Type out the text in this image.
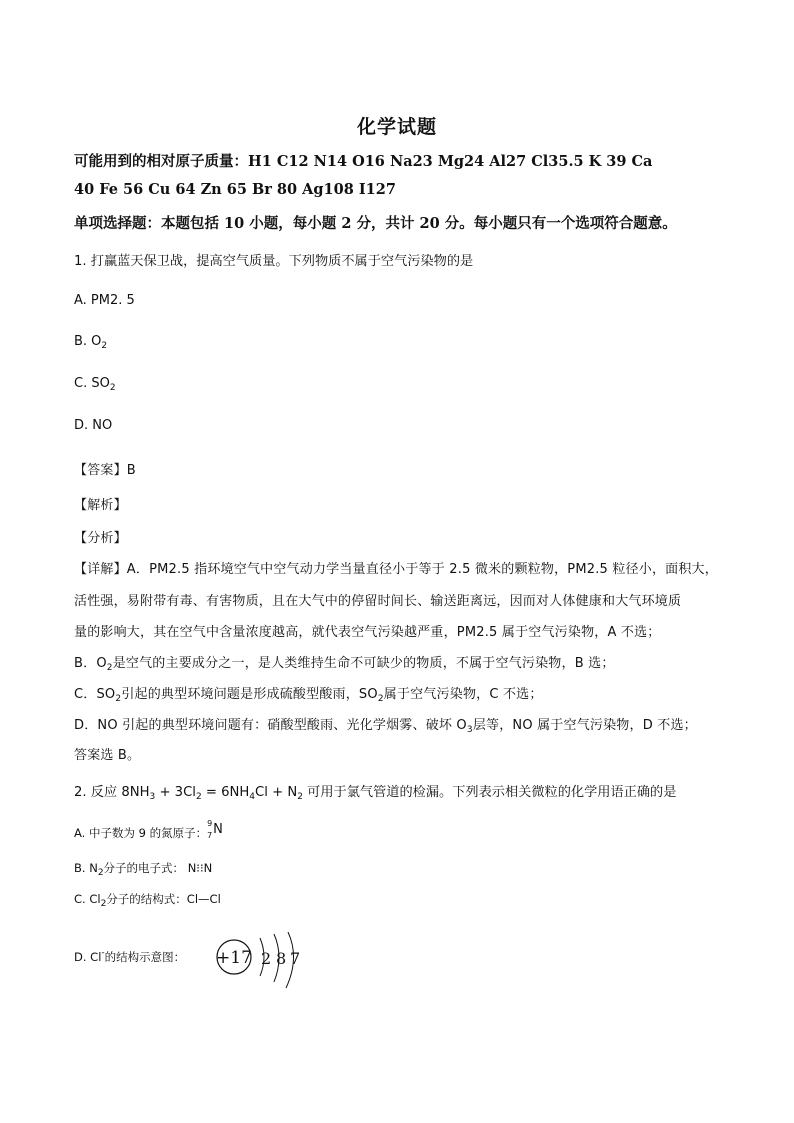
化学试题
可能用到的相对原子质量：H1 C12 N14 O16 Na23 Mg24 Al27 Cl35.5 K 39 Ca
40 Fe 56 Cu 64 Zn 65 Br 80 Ag108 I127
单项选择题：本题包括 10 小题，每小题 2 分，共计 20 分。每小题只有一个选项符合题意。
1. 打赢蓝天保卫战，提高空气质量。下列物质不属于空气污染物的是
A. PM2. 5
B. $O_2$
C. $SO_2$
D. NO
【答案】B
【解析】
【分析】
【详解】A．PM2.5 指环境空气中空气动力学当量直径小于等于 2.5 微米的颗粒物，PM2.5 粒径小，面积大，
活性强，易附带有毒、有害物质，且在大气中的停留时间长、输送距离远，因而对人体健康和大气环境质
量的影响大，其在空气中含量浓度越高，就代表空气污染越严重，PM2.5 属于空气污染物，A 不选；
B．$O_2$是空气的主要成分之一，是人类维持生命不可缺少的物质，不属于空气污染物，B 选；
C．$SO_2$引起的典型环境问题是形成硫酸型酸雨，$SO_2$属于空气污染物，C 不选；
D．NO 引起的典型环境问题有：硝酸型酸雨、光化学烟雾、破坏 $O_3$层等，NO 属于空气污染物，D 不选；
答案选 B。
2. 反应 $8NH_3 + 3Cl_2 = 6NH_4Cl + N_2$ 可用于氯气管道的检漏。下列表示相关微粒的化学用语正确的是
A. 中子数为 9 的氮原子：
9
7 N
B. $N_2$分子的电子式： N⁝⁝N
C. $Cl_2$分子的结构式：Cl—Cl
D. Cl-的结构示意图： +17 2 8 7
